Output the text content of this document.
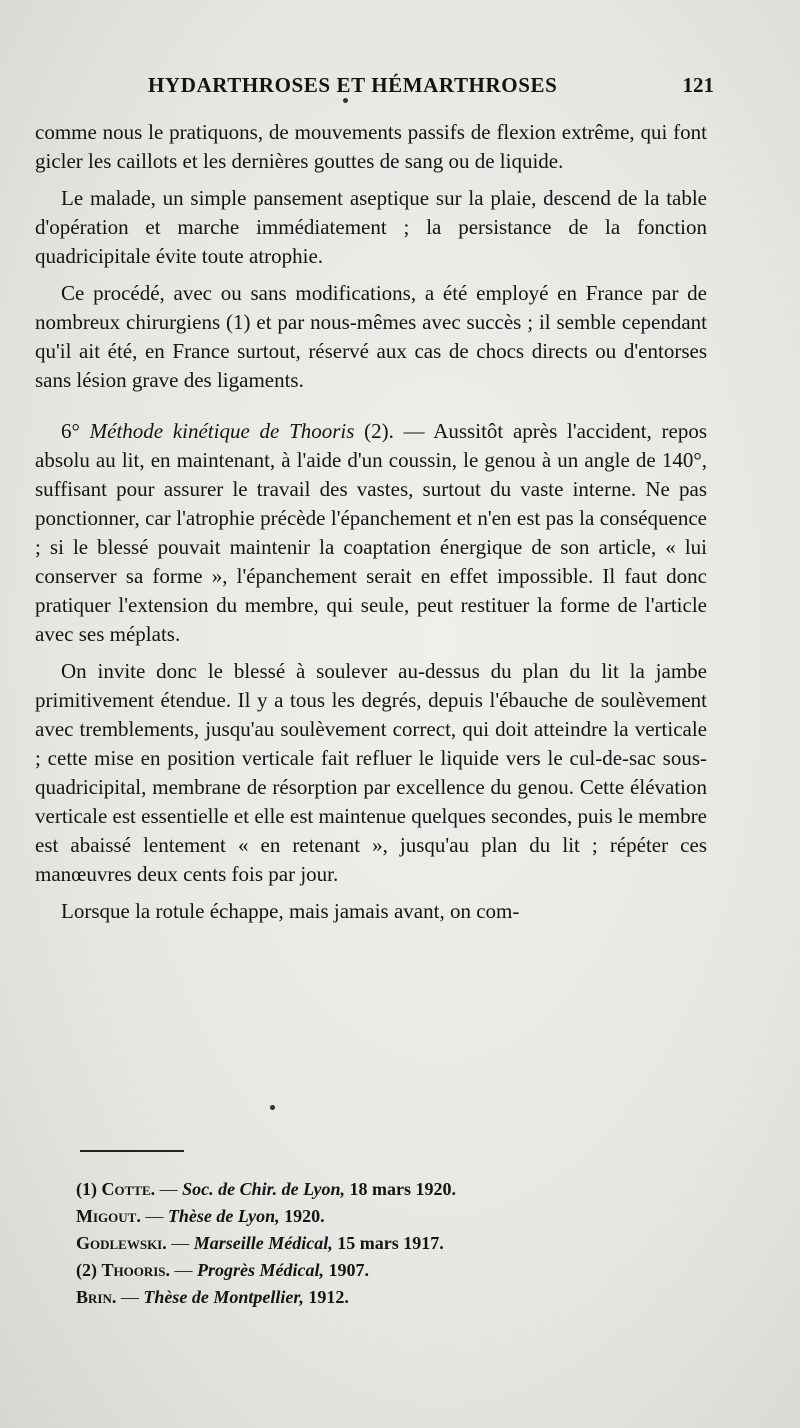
HYDARTHROSES ET HÉMARTHROSES	121

comme nous le pratiquons, de mouvements passifs de flexion extrême, qui font gicler les caillots et les dernières gouttes de sang ou de liquide.

Le malade, un simple pansement aseptique sur la plaie, descend de la table d'opération et marche immédiatement ; la persistance de la fonction quadricipitale évite toute atrophie.

Ce procédé, avec ou sans modifications, a été employé en France par de nombreux chirurgiens (1) et par nous-mêmes avec succès ; il semble cependant qu'il ait été, en France surtout, réservé aux cas de chocs directs ou d'entorses sans lésion grave des ligaments.

6° Méthode kinétique de Thooris (2). — Aussitôt après l'accident, repos absolu au lit, en maintenant, à l'aide d'un coussin, le genou à un angle de 140°, suffisant pour assurer le travail des vastes, surtout du vaste interne. Ne pas ponctionner, car l'atrophie précède l'épanchement et n'en est pas la conséquence ; si le blessé pouvait maintenir la coaptation énergique de son article, « lui conserver sa forme », l'épanchement serait en effet impossible. Il faut donc pratiquer l'extension du membre, qui seule, peut restituer la forme de l'article avec ses méplats.

On invite donc le blessé à soulever au-dessus du plan du lit la jambe primitivement étendue. Il y a tous les degrés, depuis l'ébauche de soulèvement avec tremblements, jusqu'au soulèvement correct, qui doit atteindre la verticale ; cette mise en position verticale fait refluer le liquide vers le cul-de-sac sous-quadricipital, membrane de résorption par excellence du genou. Cette élévation verticale est essentielle et elle est maintenue quelques secondes, puis le membre est abaissé lentement « en retenant », jusqu'au plan du lit ; répéter ces manœuvres deux cents fois par jour.

Lorsque la rotule échappe, mais jamais avant, on com-

(1) Cotte. — Soc. de Chir. de Lyon, 18 mars 1920.
Migout. — Thèse de Lyon, 1920.
Godlewski. — Marseille Médical, 15 mars 1917.
(2) Thooris. — Progrès Médical, 1907.
Brin. — Thèse de Montpellier, 1912.
